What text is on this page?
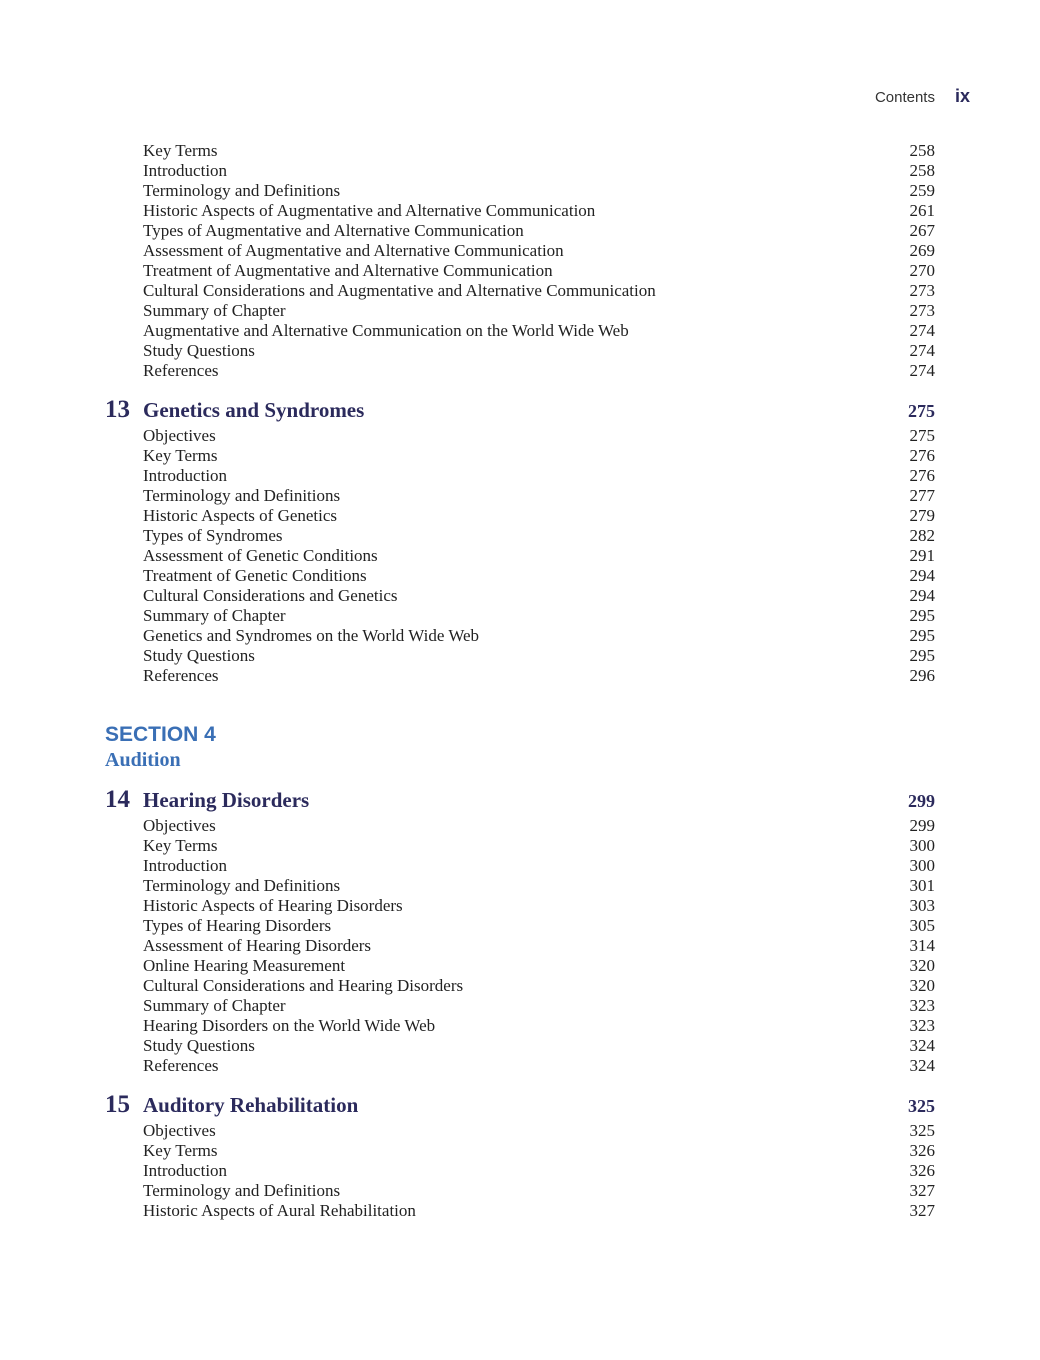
Contents ix
Key Terms	258
Introduction	258
Terminology and Definitions	259
Historic Aspects of Augmentative and Alternative Communication	261
Types of Augmentative and Alternative Communication	267
Assessment of Augmentative and Alternative Communication	269
Treatment of Augmentative and Alternative Communication	270
Cultural Considerations and Augmentative and Alternative Communication	273
Summary of Chapter	273
Augmentative and Alternative Communication on the World Wide Web	274
Study Questions	274
References	274
13 Genetics and Syndromes	275
Objectives	275
Key Terms	276
Introduction	276
Terminology and Definitions	277
Historic Aspects of Genetics	279
Types of Syndromes	282
Assessment of Genetic Conditions	291
Treatment of Genetic Conditions	294
Cultural Considerations and Genetics	294
Summary of Chapter	295
Genetics and Syndromes on the World Wide Web	295
Study Questions	295
References	296
SECTION 4
Audition
14 Hearing Disorders	299
Objectives	299
Key Terms	300
Introduction	300
Terminology and Definitions	301
Historic Aspects of Hearing Disorders	303
Types of Hearing Disorders	305
Assessment of Hearing Disorders	314
Online Hearing Measurement	320
Cultural Considerations and Hearing Disorders	320
Summary of Chapter	323
Hearing Disorders on the World Wide Web	323
Study Questions	324
References	324
15 Auditory Rehabilitation	325
Objectives	325
Key Terms	326
Introduction	326
Terminology and Definitions	327
Historic Aspects of Aural Rehabilitation	327
